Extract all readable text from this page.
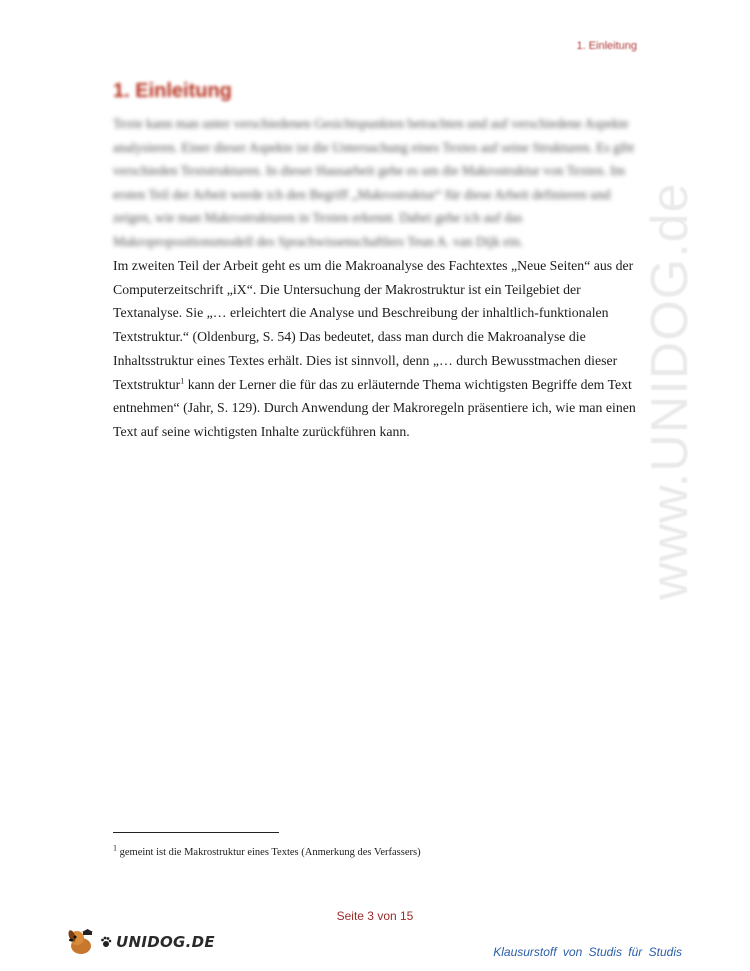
1. Einleitung
1. Einleitung
Texte kann man unter verschiedenen Gesichtspunkten betrachten und auf verschiedene Aspekte analysieren. Einer dieser Aspekte ist die Untersuchung eines Textes auf seine Strukturen. Es gibt verschieden Textstrukturen. In dieser Hausarbeit gehe es um die Makrostruktur von Texten. Im ersten Teil der Arbeit werde ich den Begriff „Makrostruktur“ für diese Arbeit definieren und zeigen, wie man Makrostrukturen in Texten erkennt. Dabei gehe ich auf das Makropropositionsmodell des Sprachwissenschaftlers Teun A. van Dijk ein.

Im zweiten Teil der Arbeit geht es um die Makroanalyse des Fachtextes „Neue Seiten“ aus der Computerzeitschrift „iX“. Die Untersuchung der Makrostruktur ist ein Teilgebiet der Textanalyse. Sie „… erleichtert die Analyse und Beschreibung der inhaltlich-funktionalen Textstruktur.“ (Oldenburg, S. 54) Das bedeutet, dass man durch die Makroanalyse die Inhaltsstruktur eines Textes erhält. Dies ist sinnvoll, denn „… durch Bewusstmachen dieser Textstruktur$^1$ kann der Lerner die für das zu erläuternde Thema wichtigsten Begriffe dem Text entnehmen“ (Jahr, S. 129). Durch Anwendung der Makroregeln präsentiere ich, wie man einen Text auf seine wichtigsten Inhalte zurückführen kann.	www.UNIDOG.de
$^1$ gemeint ist die Makrostruktur eines Textes (Anmerkung des Verfassers)
Seite 3 von 15
UNIDOG.DE
Klausurstoff von Studis für Studis
